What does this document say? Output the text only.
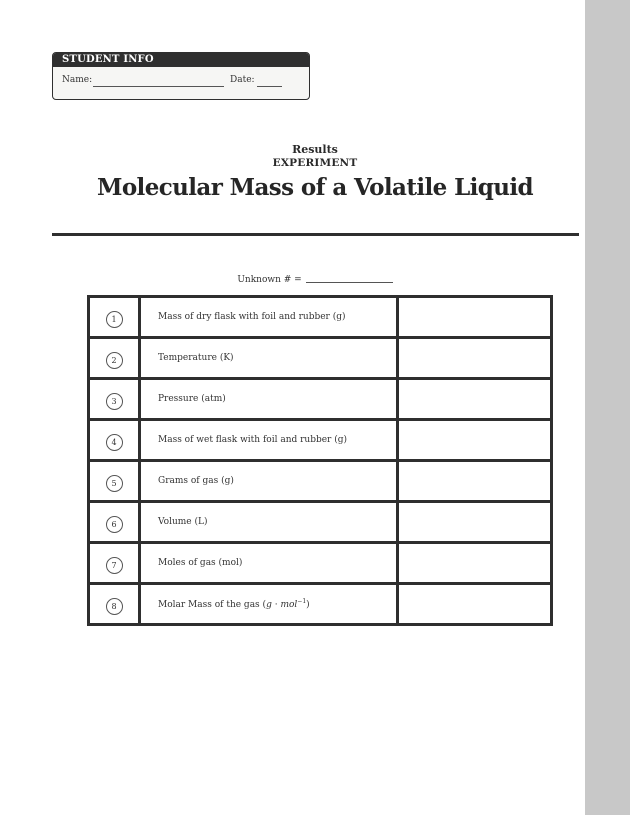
STUDENT INFO
Name:	Date:
Results
EXPERIMENT
Molecular Mass of a Volatile Liquid
Unknown # =
1	Mass of dry flask with foil and rubber (g)	
2	Temperature (K)	
3	Pressure (atm)	
4	Mass of wet flask with foil and rubber (g)	
5	Grams of gas (g)	
6	Volume (L)	
7	Moles of gas (mol)	
8	Molar Mass of the gas (g · mol$^{-1}$)	
